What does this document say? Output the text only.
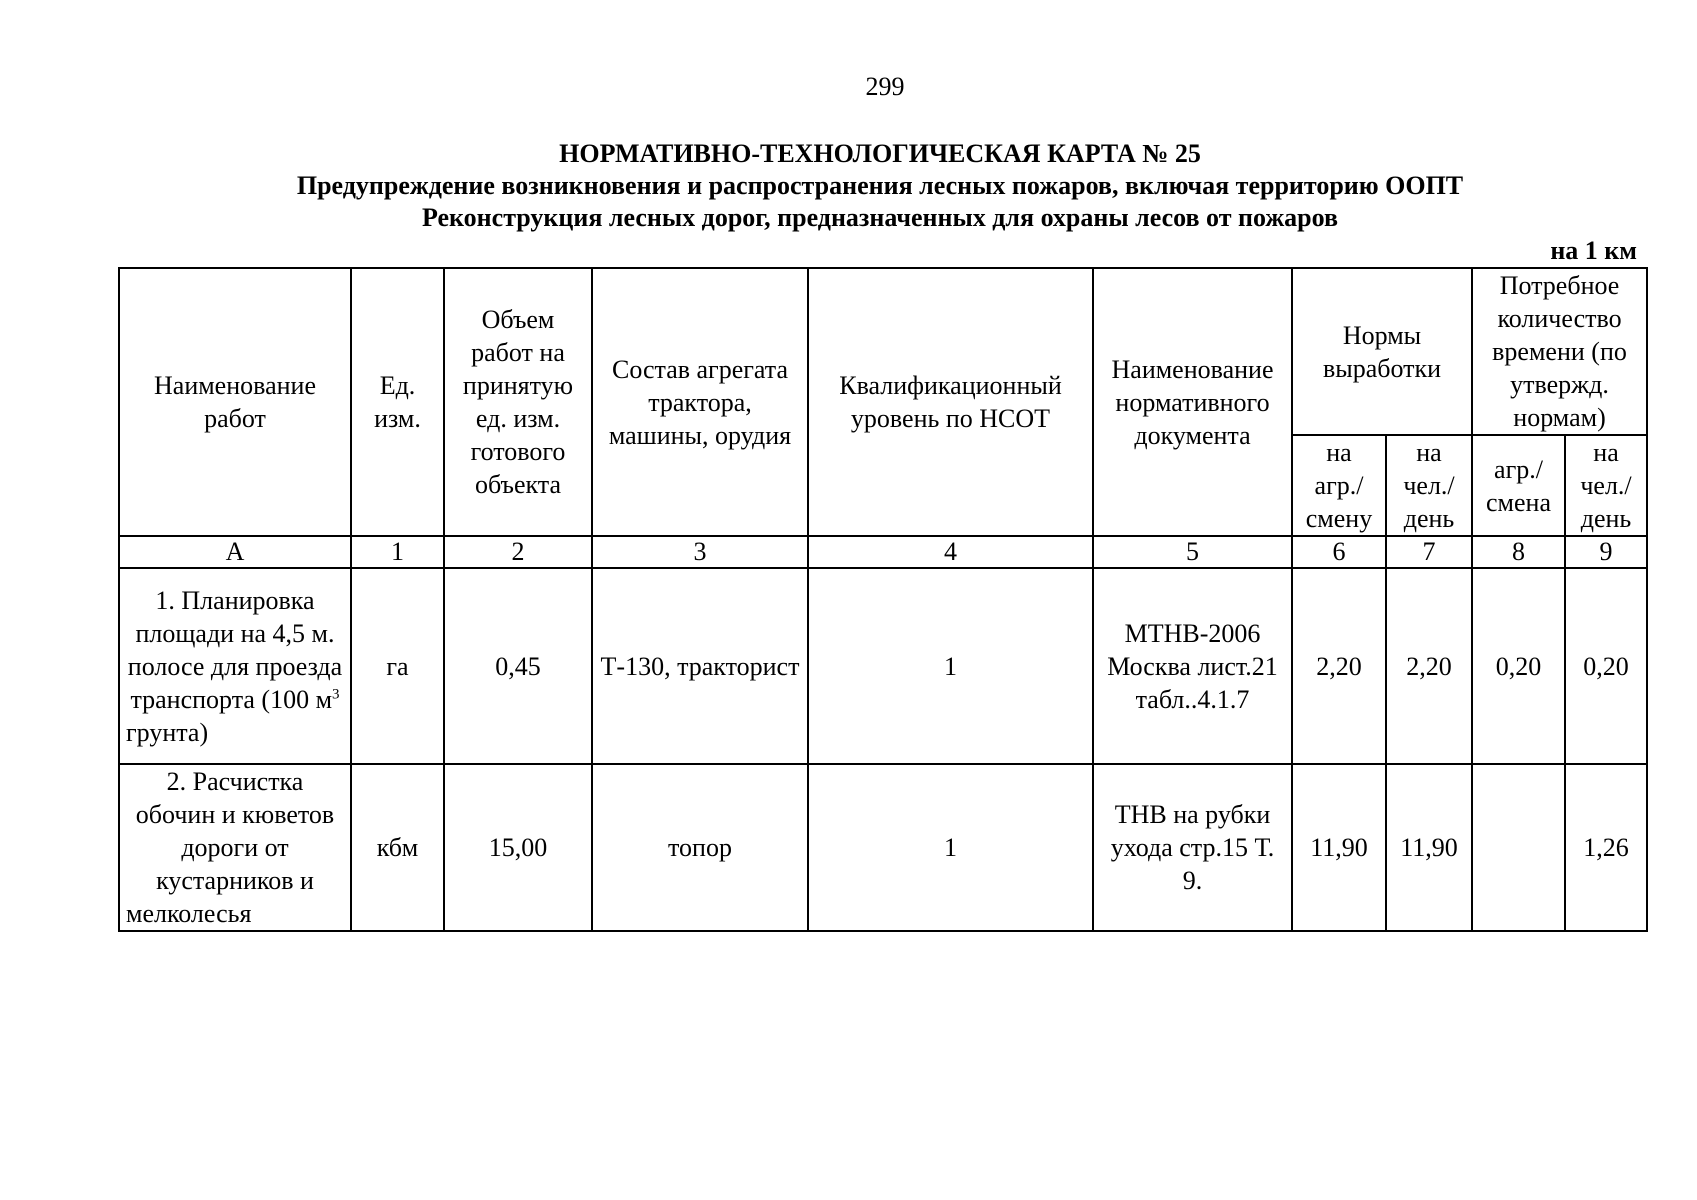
299
НОРМАТИВНО-ТЕХНОЛОГИЧЕСКАЯ КАРТА № 25
Предупреждение возникновения и распространения лесных пожаров, включая территорию ООПТ
Реконструкция лесных дорог, предназначенных для охраны лесов от пожаров
на 1 км
Наименование работ	Ед. изм.	Объем работ на принятую ед. изм. готового объекта	Состав агрегата трактора, машины, орудия	Квалификационный уровень по НСОТ	Наименование нормативного документа	Нормы выработки		Потребное количество времени (по утвержд. нормам)	
						на агр./ смену	на чел./ день	агр./ смена	на чел./ день
А	1	2	3	4	5	6	7	8	9
1. Планировка площади на 4,5 м. полосе для проезда транспорта (100 $м^3$ грунта)	га	0,45	Т-130, тракторист	1	МТНВ-2006 Москва лист.21 табл..4.1.7	2,20	2,20	0,20	0,20
2. Расчистка обочин и кюветов дороги от кустарников и мелколесья	кбм	15,00	топор	1	ТНВ на рубки ухода стр.15 Т. 9.	11,90	11,90		1,26
